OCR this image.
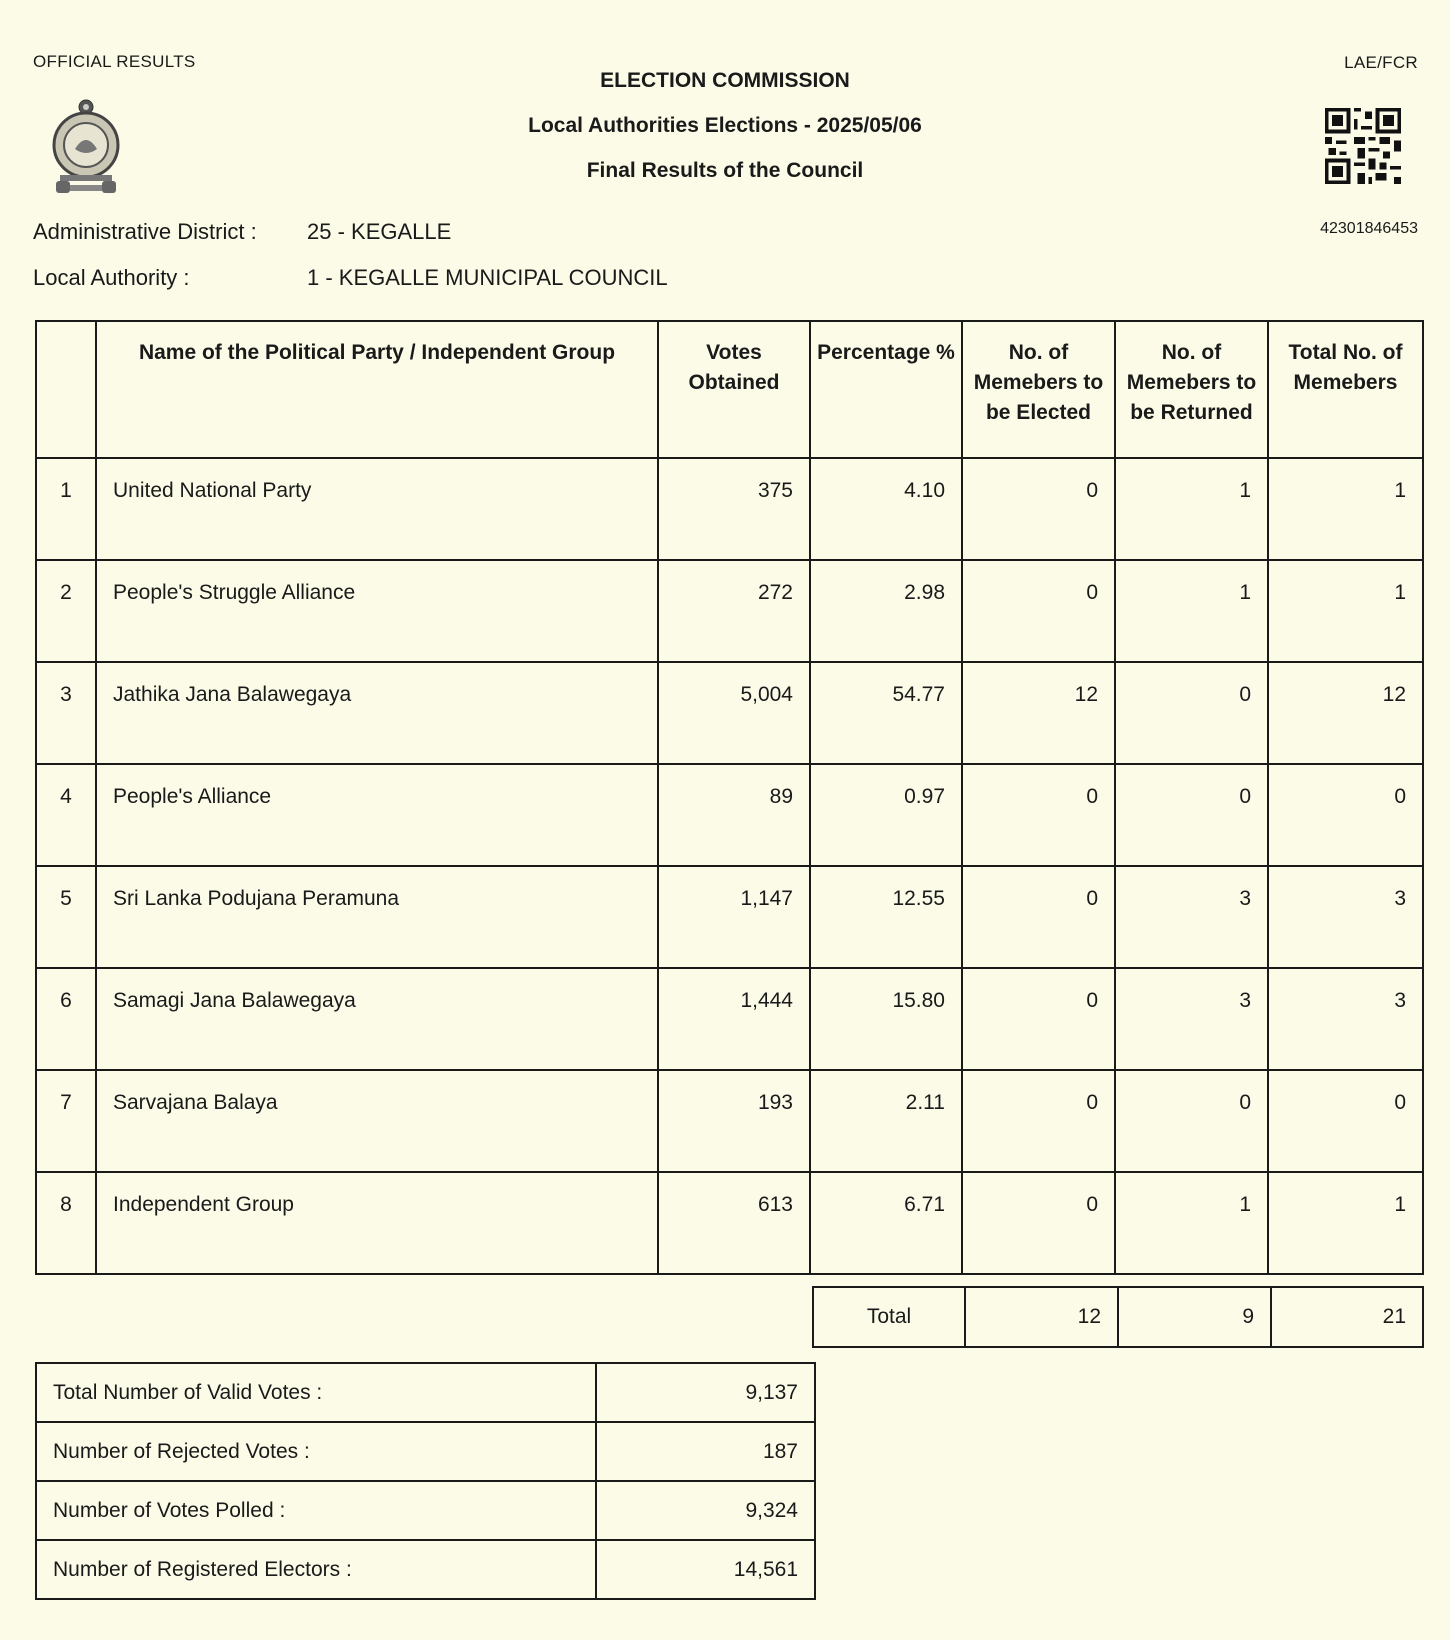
OFFICIAL RESULTS	LAE/FCR
ELECTION COMMISSION
Local Authorities Elections - 2025/05/06
Final Results of the Council
42301846453
Administrative District : 25 - KEGALLE
Local Authority :	1 - KEGALLE MUNICIPAL COUNCIL
	Name of the Political Party / Independent Group	Votes Obtained	Percentage %	No. of Memebers to be Elected	No. of Memebers to be Returned	Total No. of Memebers
1	United National Party	375	4.10	0	1	1
2	People's Struggle Alliance	272	2.98	0	1	1
3	Jathika Jana Balawegaya	5,004	54.77	12	0	12
4	People's Alliance	89	0.97	0	0	0
5	Sri Lanka Podujana Peramuna	1,147	12.55	0	3	3
6	Samagi Jana Balawegaya	1,444	15.80	0	3	3
7	Sarvajana Balaya	193	2.11	0	0	0
8	Independent Group	613	6.71	0	1	1
Total	12	9	21
Total Number of Valid Votes :	9,137
Number of Rejected Votes :	187
Number of Votes Polled :	9,324
Number of Registered Electors :	14,561
